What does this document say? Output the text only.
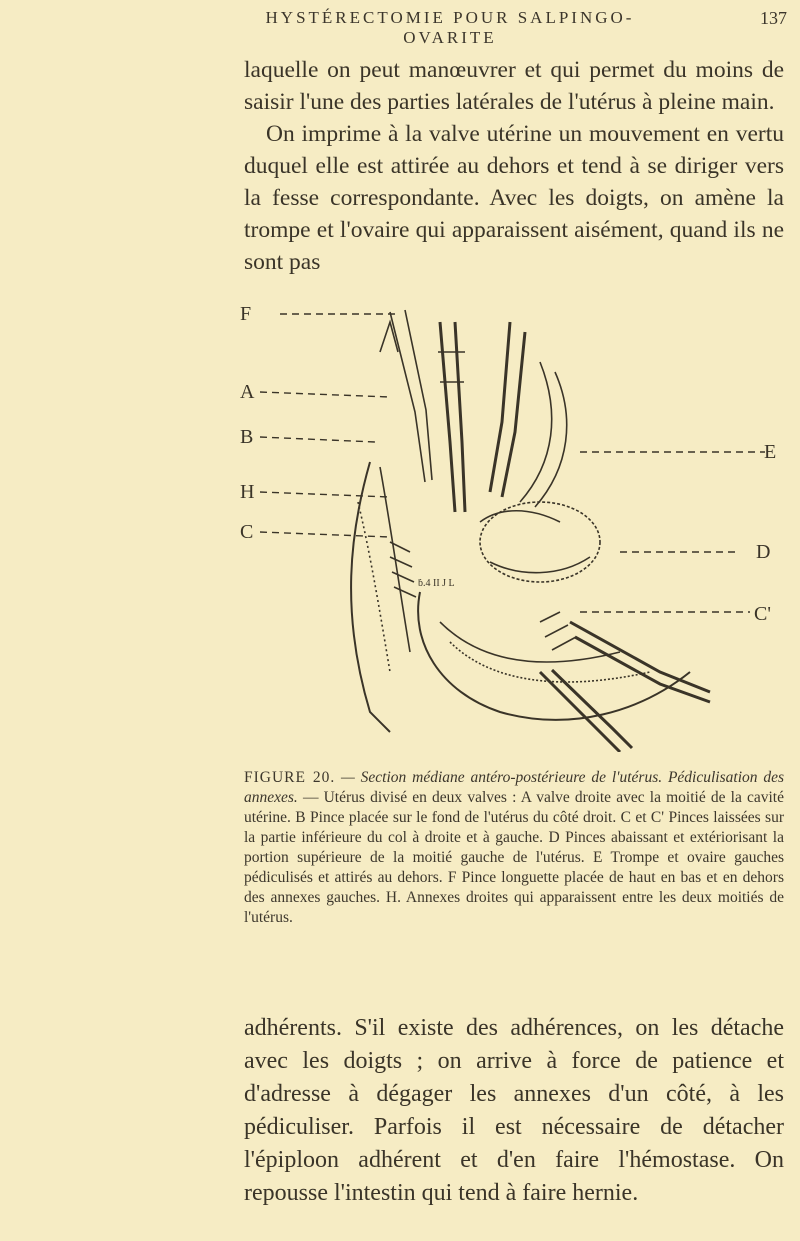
HYSTÉRECTOMIE POUR SALPINGO-OVARITE
137

laquelle on peut manœuvrer et qui permet du moins de saisir l'une des parties latérales de l'utérus à pleine main.

On imprime à la valve utérine un mouvement en vertu duquel elle est attirée au dehors et tend à se diriger vers la fesse correspondante. Avec les doigts, on amène la trompe et l'ovaire qui apparaissent aisément, quand ils ne sont pas

F
A
B
H
C
E
D
C'
ḃ.4 II J L
FIGURE 20. — Section médiane antéro-postérieure de l'utérus. Pédiculisation des annexes. — Utérus divisé en deux valves : A valve droite avec la moitié de la cavité utérine. B Pince placée sur le fond de l'utérus du côté droit. C et C' Pinces laissées sur la partie inférieure du col à droite et à gauche. D Pinces abaissant et extériorisant la portion supérieure de la moitié gauche de l'utérus. E Trompe et ovaire gauches pédiculisés et attirés au dehors. F Pince longuette placée de haut en bas et en dehors des annexes gauches. H. Annexes droites qui apparaissent entre les deux moitiés de l'utérus.

adhérents. S'il existe des adhérences, on les détache avec les doigts ; on arrive à force de patience et d'adresse à dégager les annexes d'un côté, à les pédiculiser. Parfois il est nécessaire de détacher l'épiploon adhérent et d'en faire l'hémostase. On repousse l'intestin qui tend à faire hernie.
